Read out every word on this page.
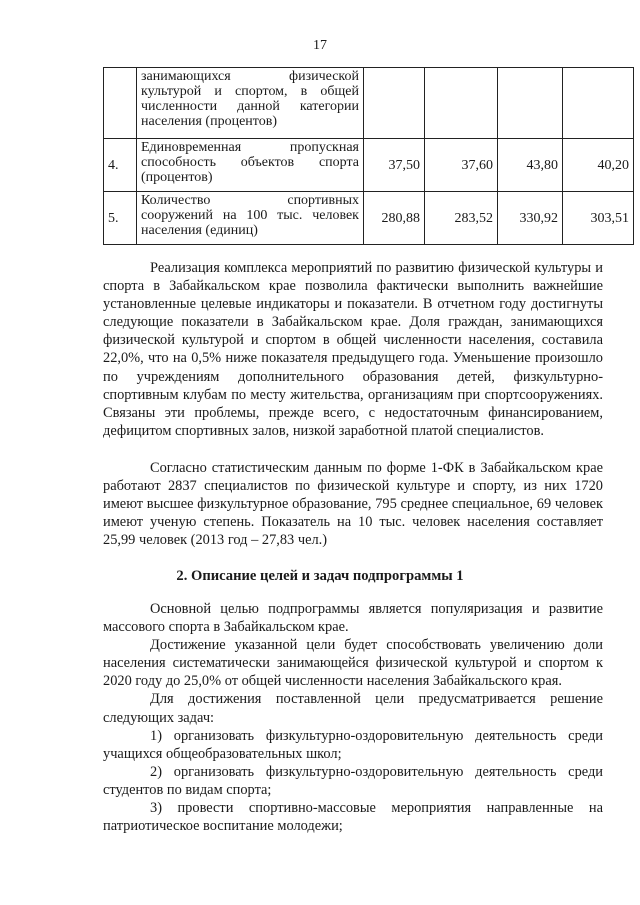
17
	занимающихся физической культурой и спортом, в общей численности данной категории населения (процентов)				
4.	Единовременная пропускная способность объектов спорта (процентов)	37,50	37,60	43,80	40,20
5.	Количество спортивных сооружений на 100 тыс. человек населения (единиц)	280,88	283,52	330,92	303,51

Реализация комплекса мероприятий по развитию физической культуры и спорта в Забайкальском крае позволила фактически выполнить важнейшие установленные целевые индикаторы и показатели. В отчетном году достигнуты следующие показатели в Забайкальском крае. Доля граждан, занимающихся физической культурой и спортом в общей численности населения, составила 22,0%, что на 0,5% ниже показателя предыдущего года. Уменьшение произошло по учреждениям дополнительного образования детей, физкультурно-спортивным клубам по месту жительства, организациям при спортсооружениях. Связаны эти проблемы, прежде всего, с недостаточным финансированием, дефицитом спортивных залов, низкой заработной платой специалистов.

Согласно статистическим данным по форме 1-ФК в Забайкальском крае работают 2837 специалистов по физической культуре и спорту, из них 1720 имеют высшее физкультурное образование, 795 среднее специальное, 69 человек имеют ученую степень. Показатель на 10 тыс. человек населения составляет 25,99 человек (2013 год – 27,83 чел.)

2. Описание целей и задач подпрограммы 1

Основной целью подпрограммы является популяризация и развитие массового спорта в Забайкальском крае.

Достижение указанной цели будет способствовать увеличению доли населения систематически занимающейся физической культурой и спортом к 2020 году до 25,0% от общей численности населения Забайкальского края.

Для достижения поставленной цели предусматривается решение следующих задач:

1) организовать физкультурно-оздоровительную деятельность среди учащихся общеобразовательных школ;

2) организовать физкультурно-оздоровительную деятельность среди студентов по видам спорта;

3) провести спортивно-массовые мероприятия направленные на патриотическое воспитание молодежи;
